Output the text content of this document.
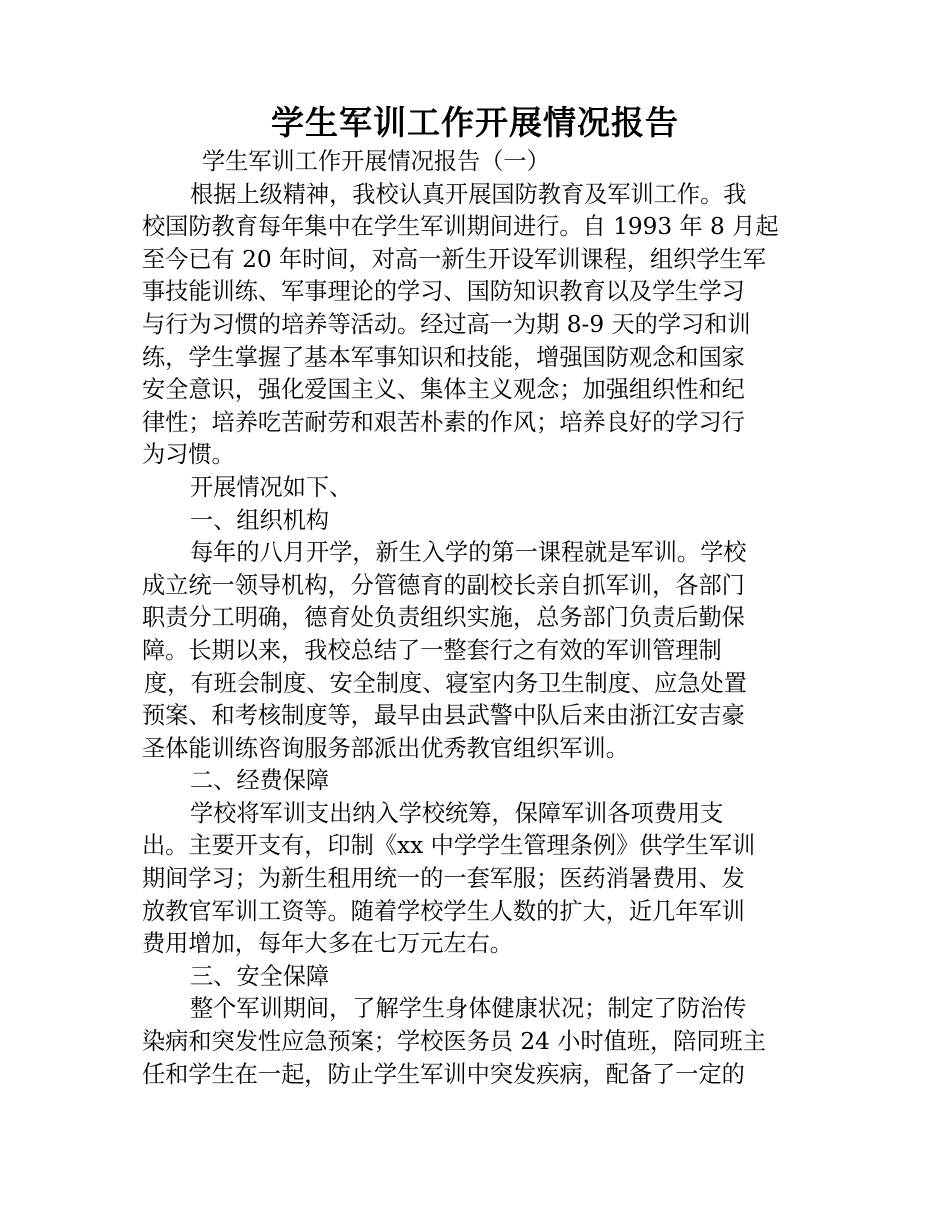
学生军训工作开展情况报告
学生军训工作开展情况报告（一）
根据上级精神，我校认真开展国防教育及军训工作。我
校国防教育每年集中在学生军训期间进行。自 1993 年 8 月起
至今已有 20 年时间，对高一新生开设军训课程，组织学生军
事技能训练、军事理论的学习、国防知识教育以及学生学习
与行为习惯的培养等活动。经过高一为期 8-9 天的学习和训
练，学生掌握了基本军事知识和技能，增强国防观念和国家
安全意识，强化爱国主义、集体主义观念；加强组织性和纪
律性；培养吃苦耐劳和艰苦朴素的作风；培养良好的学习行
为习惯。
开展情况如下、
一、组织机构
每年的八月开学，新生入学的第一课程就是军训。学校
成立统一领导机构，分管德育的副校长亲自抓军训，各部门
职责分工明确，德育处负责组织实施，总务部门负责后勤保
障。长期以来，我校总结了一整套行之有效的军训管理制
度，有班会制度、安全制度、寝室内务卫生制度、应急处置
预案、和考核制度等，最早由县武警中队后来由浙江安吉豪
圣体能训练咨询服务部派出优秀教官组织军训。
二、经费保障
学校将军训支出纳入学校统筹，保障军训各项费用支
出。主要开支有，印制《xx 中学学生管理条例》供学生军训
期间学习；为新生租用统一的一套军服；医药消暑费用、发
放教官军训工资等。随着学校学生人数的扩大，近几年军训
费用增加，每年大多在七万元左右。
三、安全保障
整个军训期间，了解学生身体健康状况；制定了防治传
染病和突发性应急预案；学校医务员 24 小时值班，陪同班主
任和学生在一起，防止学生军训中突发疾病，配备了一定的
